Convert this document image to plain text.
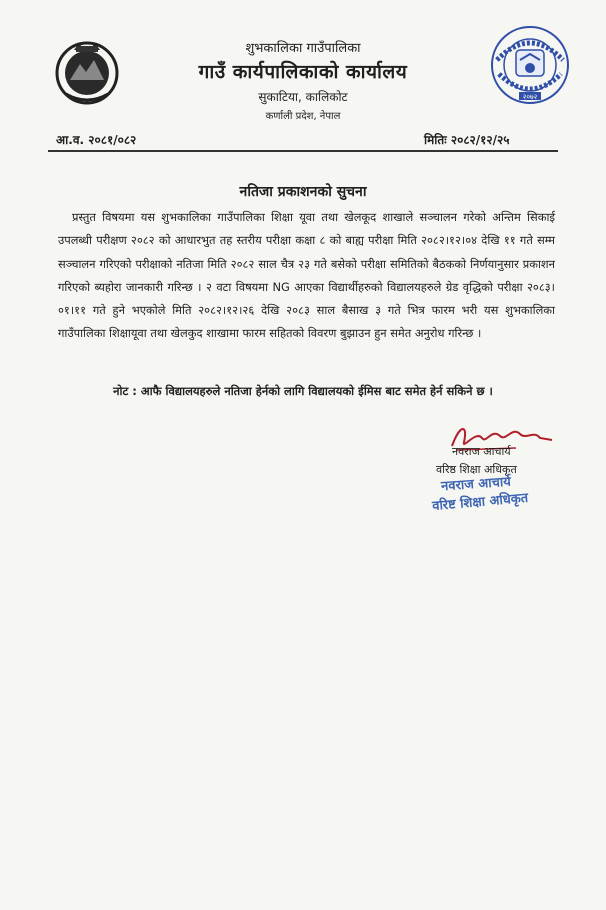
२०७२
शुभकालिका गाउँपालिका
गाउँ कार्यपालिकाको कार्यालय
सुकाटिया, कालिकोट
कर्णाली प्रदेश, नेपाल
आ.व. २०८१/०८२	मितिः २०८२/१२/२५
नतिजा प्रकाशनको सुचना
प्रस्तुत विषयमा यस शुभकालिका गाउँपालिका शिक्षा यूवा तथा खेलकूद शाखाले सञ्चालन गरेको अन्तिम सिकाई उपलब्धी परीक्षण २०८२ को आधारभुत तह स्तरीय परीक्षा कक्षा ८ को बाह्य परीक्षा मिति २०८२।१२।०४ देखि ११ गते सम्म सञ्चालन गरिएको परीक्षाको नतिजा मिति २०८२ साल चैत्र २३ गते बसेको परीक्षा समितिको बैठकको निर्णयानुसार प्रकाशन गरिएको ब्यहोरा जानकारी गरिन्छ । २ वटा विषयमा NG आएका विद्यार्थीहरुको विद्यालयहरुले ग्रेड वृद्धिको परीक्षा २०८३।०१।११ गते हुने भएकोले मिति २०८२।१२।२६ देखि २०८३ साल बैसाख ३ गते भित्र फारम भरी यस शुभकालिका गाउँपालिका शिक्षायूवा तथा खेलकुद शाखामा फारम सहितको विवरण बुझाउन हुन समेत अनुरोध गरिन्छ ।
नोट : आफै विद्यालयहरुले नतिजा हेर्नको लागि विद्यालयको ईमिस बाट समेत हेर्न सकिने छ ।
नवराज आचार्य
वरिष्ठ शिक्षा अधिकृत
नवराज आचार्य
वरिष्ट शिक्षा अधिकृत
